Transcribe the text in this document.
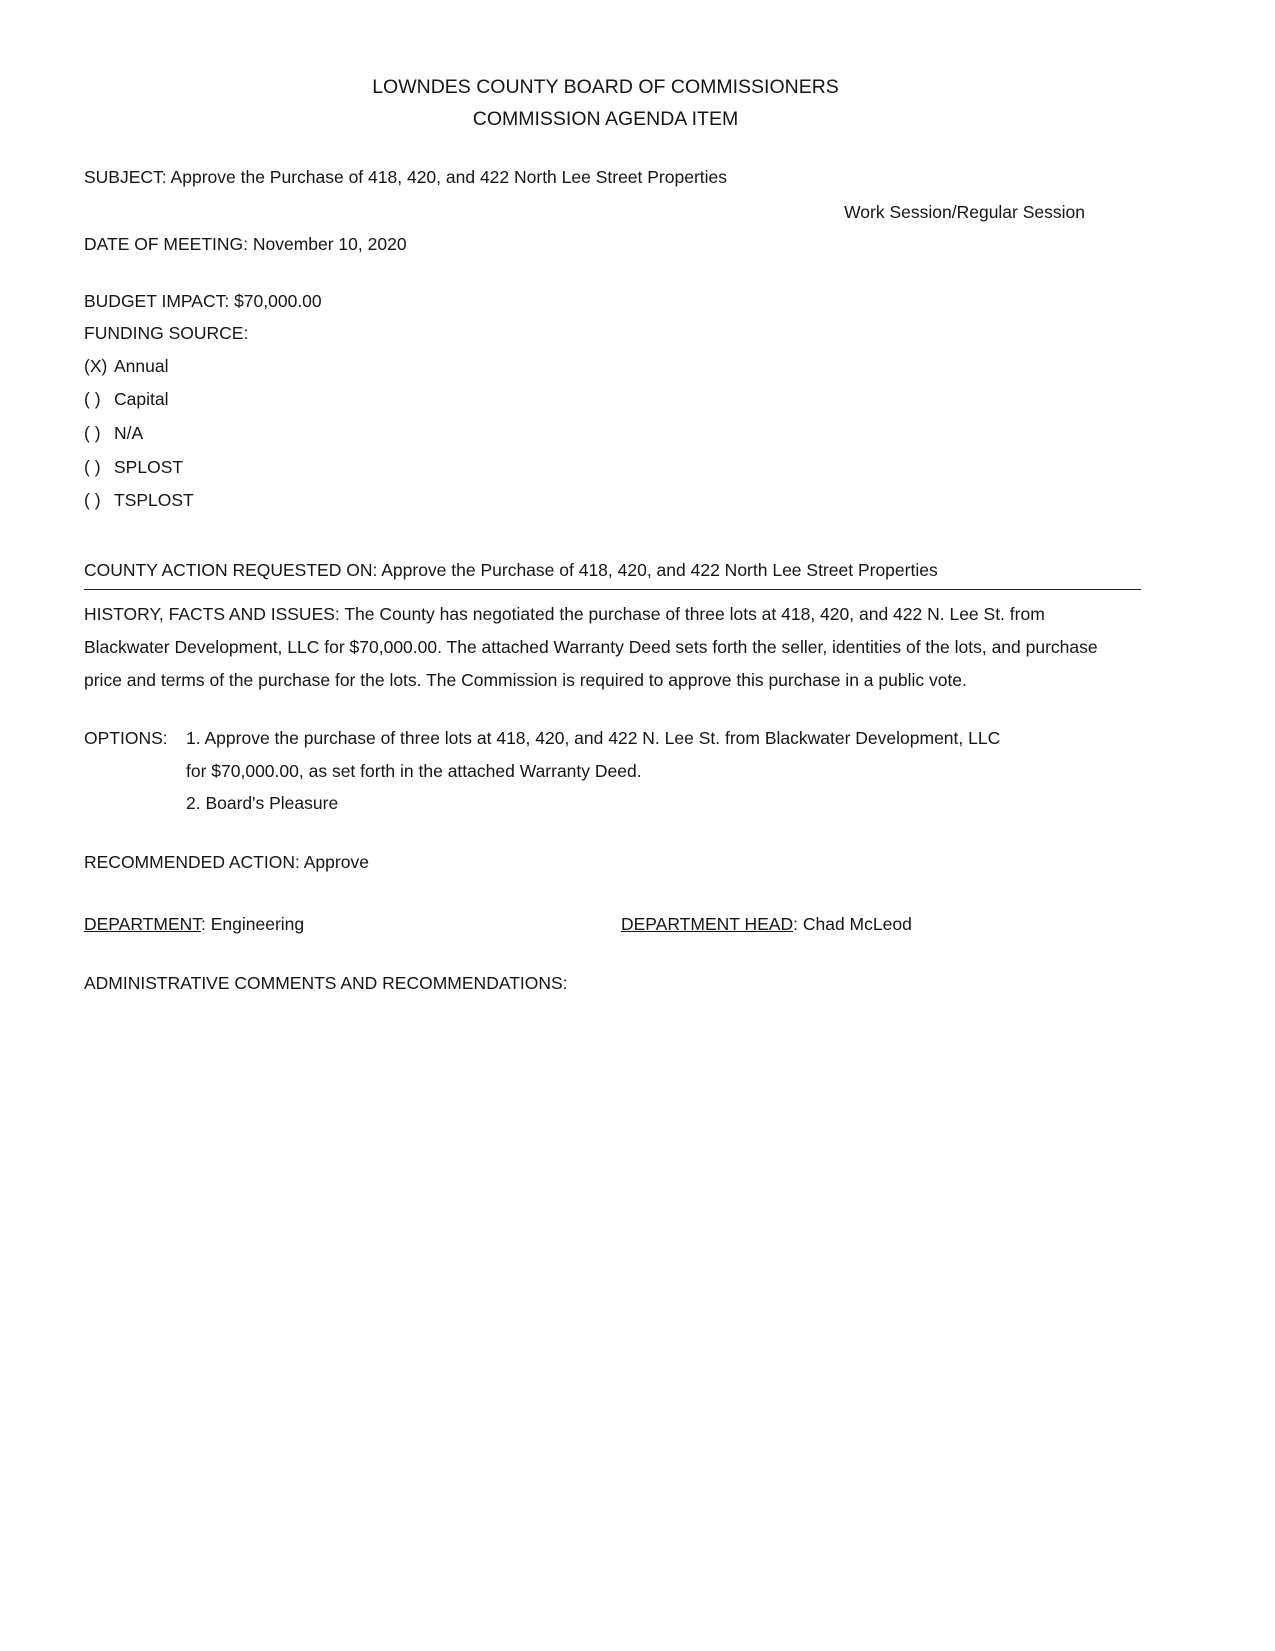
LOWNDES COUNTY BOARD OF COMMISSIONERS
COMMISSION AGENDA ITEM
SUBJECT: Approve the Purchase of 418, 420, and 422 North Lee Street Properties
Work Session/Regular Session
DATE OF MEETING: November 10, 2020
BUDGET IMPACT: $70,000.00
FUNDING SOURCE:
(X) Annual
( ) Capital
( ) N/A
( ) SPLOST
( ) TSPLOST
COUNTY ACTION REQUESTED ON: Approve the Purchase of 418, 420, and 422 North Lee Street Properties
HISTORY, FACTS AND ISSUES: The County has negotiated the purchase of three lots at 418, 420, and 422 N. Lee St. from Blackwater Development, LLC for $70,000.00. The attached Warranty Deed sets forth the seller, identities of the lots, and purchase price and terms of the purchase for the lots. The Commission is required to approve this purchase in a public vote.
OPTIONS:	1. Approve the purchase of three lots at 418, 420, and 422 N. Lee St. from Blackwater Development, LLC for $70,000.00, as set forth in the attached Warranty Deed.
2. Board's Pleasure
RECOMMENDED ACTION: Approve
DEPARTMENT: Engineering	DEPARTMENT HEAD: Chad McLeod
ADMINISTRATIVE COMMENTS AND RECOMMENDATIONS:
